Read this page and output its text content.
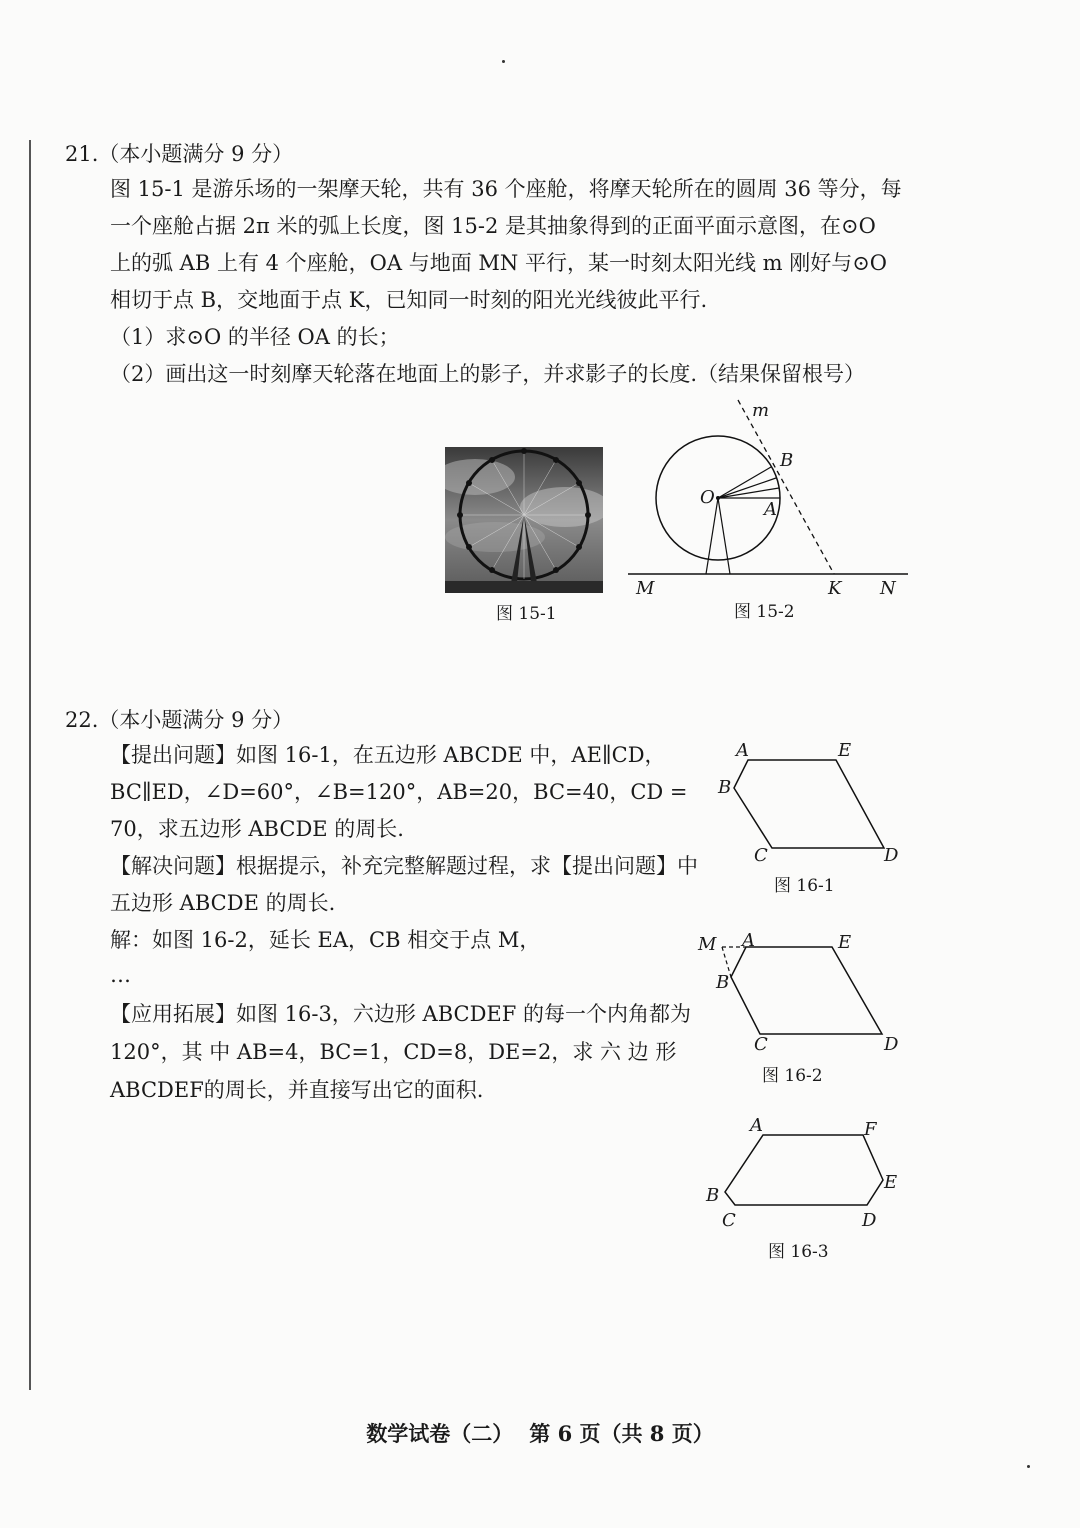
21.（本小题满分 9 分）
图 15-1 是游乐场的一架摩天轮，共有 36 个座舱，将摩天轮所在的圆周 36 等分，每
一个座舱占据 2π 米的弧上长度，图 15-2 是其抽象得到的正面平面示意图，在⊙O
上的弧 AB 上有 4 个座舱，OA 与地面 MN 平行，某一时刻太阳光线 m 刚好与⊙O
相切于点 B，交地面于点 K，已知同一时刻的阳光光线彼此平行.
（1）求⊙O 的半径 OA 的长；
（2）画出这一时刻摩天轮落在地面上的影子，并求影子的长度.（结果保留根号）
图 15-1
m
B
O
A
M	K N
图 15-2
22.（本小题满分 9 分）
【提出问题】如图 16-1，在五边形 ABCDE 中，AE∥CD，
BC∥ED，∠D=60°，∠B=120°，AB=20，BC=40，CD =
70，求五边形 ABCDE 的周长.
【解决问题】根据提示，补充完整解题过程，求【提出问题】中
五边形 ABCDE 的周长.
解：如图 16-2，延长 EA，CB 相交于点 M，
…
【应用拓展】如图 16-3，六边形 ABCDEF 的每一个内角都为
120°，其 中 AB=4，BC=1，CD=8，DE=2，求 六 边 形
ABCDEF的周长，并直接写出它的面积.
A	E
B
C	D
图 16-1
M A	E
B
C	D
图 16-2
A	F
B
E
C	D
图 16-3
数学试卷（二） 第 6 页（共 8 页）
